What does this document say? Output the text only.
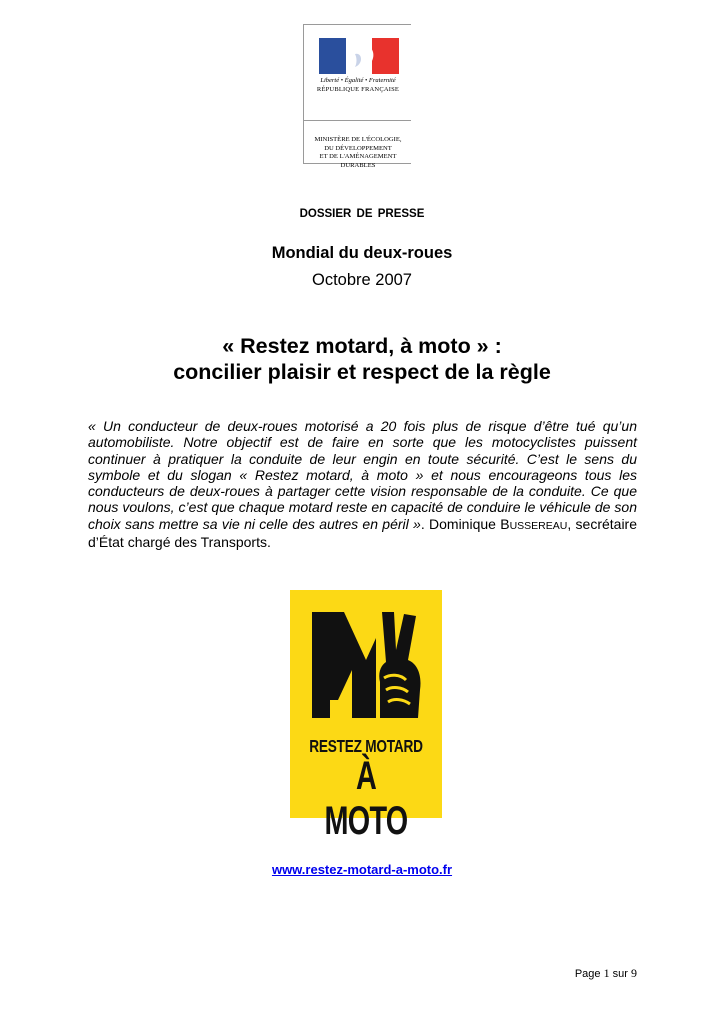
Liberté • Égalité • Fraternité
RÉPUBLIQUE FRANÇAISE
MINISTÈRE DE L'ÉCOLOGIE,
DU DÉVELOPPEMENT
ET DE L'AMÉNAGEMENT
DURABLES
DOSSIER DE PRESSE
Mondial du deux-roues
Octobre 2007
« Restez motard, à moto » :
concilier plaisir et respect de la règle
« Un conducteur de deux-roues motorisé a 20 fois plus de risque d’être tué qu’un automobiliste. Notre objectif est de faire en sorte que les motocyclistes puissent continuer à pratiquer la conduite de leur engin en toute sécurité. C’est le sens du symbole et du slogan « Restez motard, à moto » et nous encourageons tous les conducteurs de deux-roues à partager cette vision responsable de la conduite. Ce que nous voulons, c’est que chaque motard reste en capacité de conduire le véhicule de son choix sans mettre sa vie ni celle des autres en péril ». Dominique BUSSEREAU, secrétaire d’État chargé des Transports.
RESTEZ MOTARD
À MOTO
www.restez-motard-a-moto.fr
Page 1 sur 9
